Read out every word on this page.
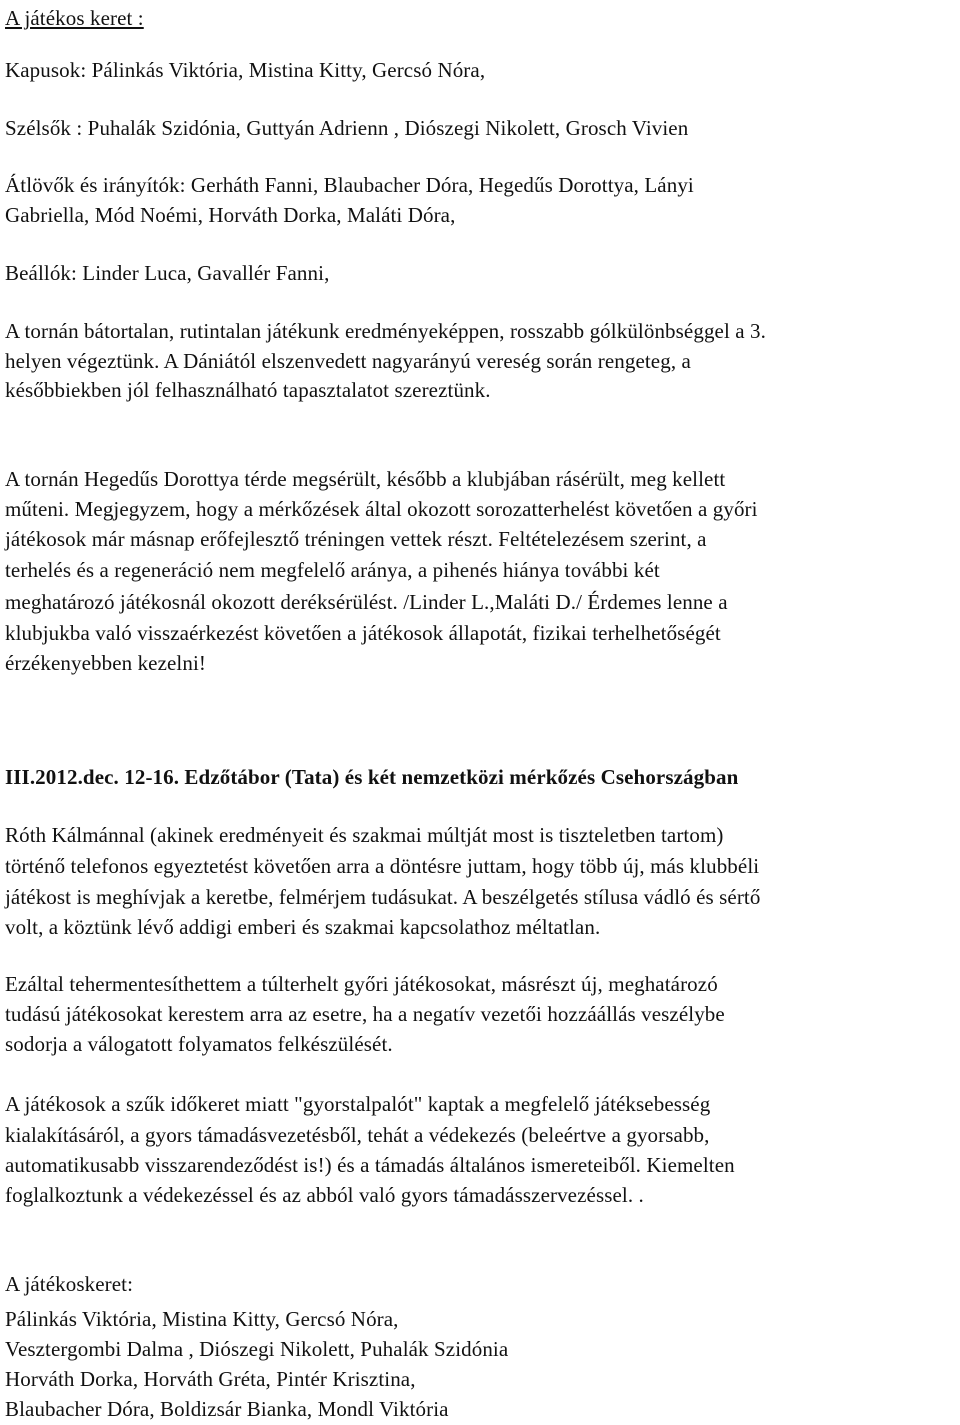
A játékos keret :
Kapusok: Pálinkás Viktória, Mistina Kitty, Gercsó Nóra,
Szélsők : Puhalák Szidónia, Guttyán Adrienn , Diószegi Nikolett, Grosch Vivien
Átlövők és irányítók: Gerháth Fanni, Blaubacher Dóra, Hegedűs Dorottya, Lányi
Gabriella, Mód Noémi, Horváth Dorka, Maláti Dóra,
Beállók: Linder Luca, Gavallér Fanni,
A tornán bátortalan, rutintalan játékunk eredményeképpen, rosszabb gólkülönbséggel a 3.
helyen végeztünk. A Dániától elszenvedett nagyarányú vereség során rengeteg, a
későbbiekben jól felhasználható tapasztalatot szereztünk.
A tornán Hegedűs Dorottya térde megsérült, később a klubjában rásérült, meg kellett
műteni. Megjegyzem, hogy a mérkőzések által okozott sorozatterhelést követően a győri
játékosok már másnap erőfejlesztő tréningen vettek részt. Feltételezésem szerint, a
terhelés és a regeneráció nem megfelelő aránya, a pihenés hiánya további két
meghatározó játékosnál okozott deréksérülést. /Linder L.,Maláti D./ Érdemes lenne a
klubjukba való visszaérkezést követően a játékosok állapotát, fizikai terhelhetőségét
érzékenyebben kezelni!
III.2012.dec. 12-16. Edzőtábor (Tata) és két nemzetközi mérkőzés Csehországban
Róth Kálmánnal (akinek eredményeit és szakmai múltját most is tiszteletben tartom)
történő telefonos egyeztetést követően arra a döntésre juttam, hogy több új, más klubbéli
játékost is meghívjak a keretbe, felmérjem tudásukat. A beszélgetés stílusa vádló és sértő
volt, a köztünk lévő addigi emberi és szakmai kapcsolathoz méltatlan.
Ezáltal tehermentesíthettem a túlterhelt győri játékosokat, másrészt új, meghatározó
tudású játékosokat kerestem arra az esetre, ha a negatív vezetői hozzáállás veszélybe
sodorja a válogatott folyamatos felkészülését.
A játékosok a szűk időkeret miatt "gyorstalpalót" kaptak a megfelelő játéksebesség
kialakításáról, a gyors támadásvezetésből, tehát a védekezés (beleértve a gyorsabb,
automatikusabb visszarendeződést is!) és a támadás általános ismereteiből. Kiemelten
foglalkoztunk a védekezéssel és az abból való gyors támadásszervezéssel. .
A játékoskeret:
Pálinkás Viktória, Mistina Kitty, Gercsó Nóra,
Vesztergombi Dalma , Diószegi Nikolett, Puhalák Szidónia
Horváth Dorka, Horváth Gréta, Pintér Krisztina,
Blaubacher Dóra, Boldizsár Bianka, Mondl Viktória
